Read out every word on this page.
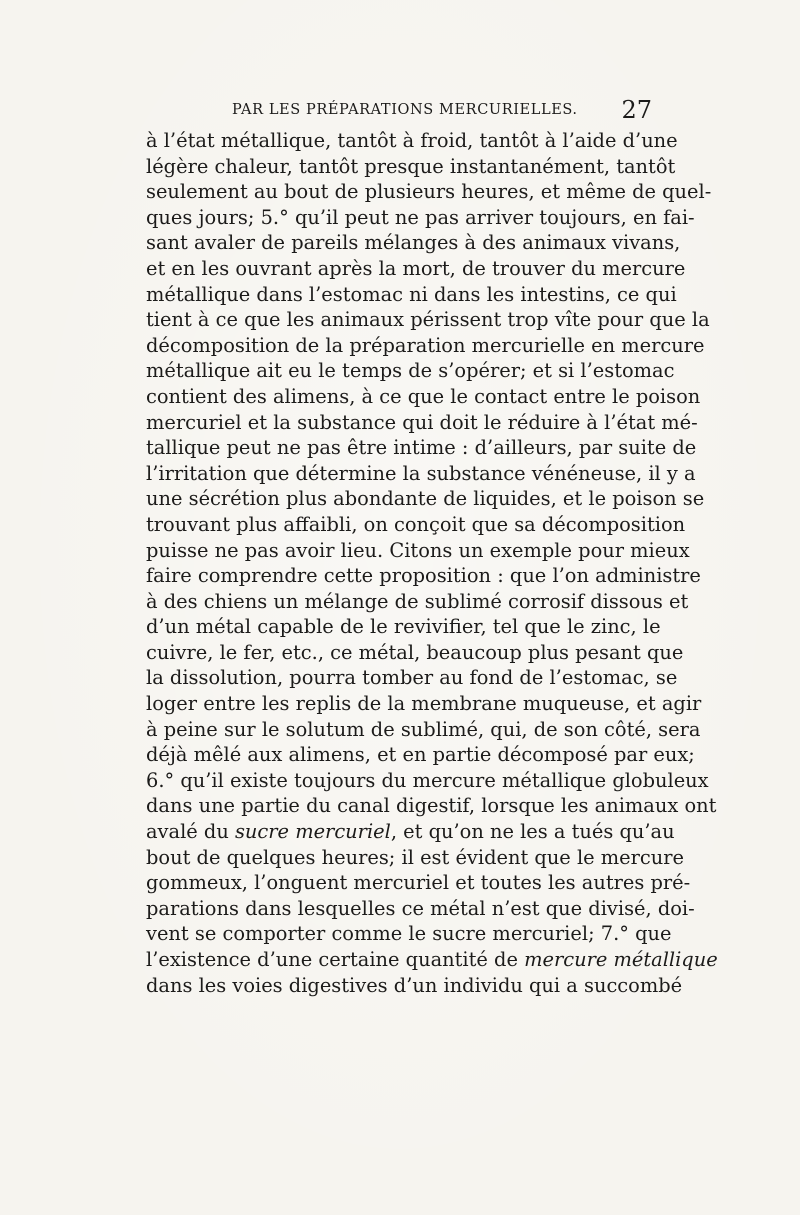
PAR LES PRÉPARATIONS MERCURIELLES. 27
à l’état métallique, tantôt à froid, tantôt à l’aide d’une
légère chaleur, tantôt presque instantanément, tantôt
seulement au bout de plusieurs heures, et même de quel-
ques jours; 5.° qu’il peut ne pas arriver toujours, en fai-
sant avaler de pareils mélanges à des animaux vivans,
et en les ouvrant après la mort, de trouver du mercure
métallique dans l’estomac ni dans les intestins, ce qui
tient à ce que les animaux périssent trop vîte pour que la
décomposition de la préparation mercurielle en mercure
métallique ait eu le temps de s’opérer; et si l’estomac
contient des alimens, à ce que le contact entre le poison
mercuriel et la substance qui doit le réduire à l’état mé-
tallique peut ne pas être intime : d’ailleurs, par suite de
l’irritation que détermine la substance vénéneuse, il y a
une sécrétion plus abondante de liquides, et le poison se
trouvant plus affaibli, on conçoit que sa décomposition
puisse ne pas avoir lieu. Citons un exemple pour mieux
faire comprendre cette proposition : que l’on administre
à des chiens un mélange de sublimé corrosif dissous et
d’un métal capable de le revivifier, tel que le zinc, le
cuivre, le fer, etc., ce métal, beaucoup plus pesant que
la dissolution, pourra tomber au fond de l’estomac, se
loger entre les replis de la membrane muqueuse, et agir
à peine sur le solutum de sublimé, qui, de son côté, sera
déjà mêlé aux alimens, et en partie décomposé par eux;
6.° qu’il existe toujours du mercure métallique globuleux
dans une partie du canal digestif, lorsque les animaux ont
avalé du sucre mercuriel, et qu’on ne les a tués qu’au
bout de quelques heures; il est évident que le mercure
gommeux, l’onguent mercuriel et toutes les autres pré-
parations dans lesquelles ce métal n’est que divisé, doi-
vent se comporter comme le sucre mercuriel; 7.° que
l’existence d’une certaine quantité de mercure métallique
dans les voies digestives d’un individu qui a succombé
